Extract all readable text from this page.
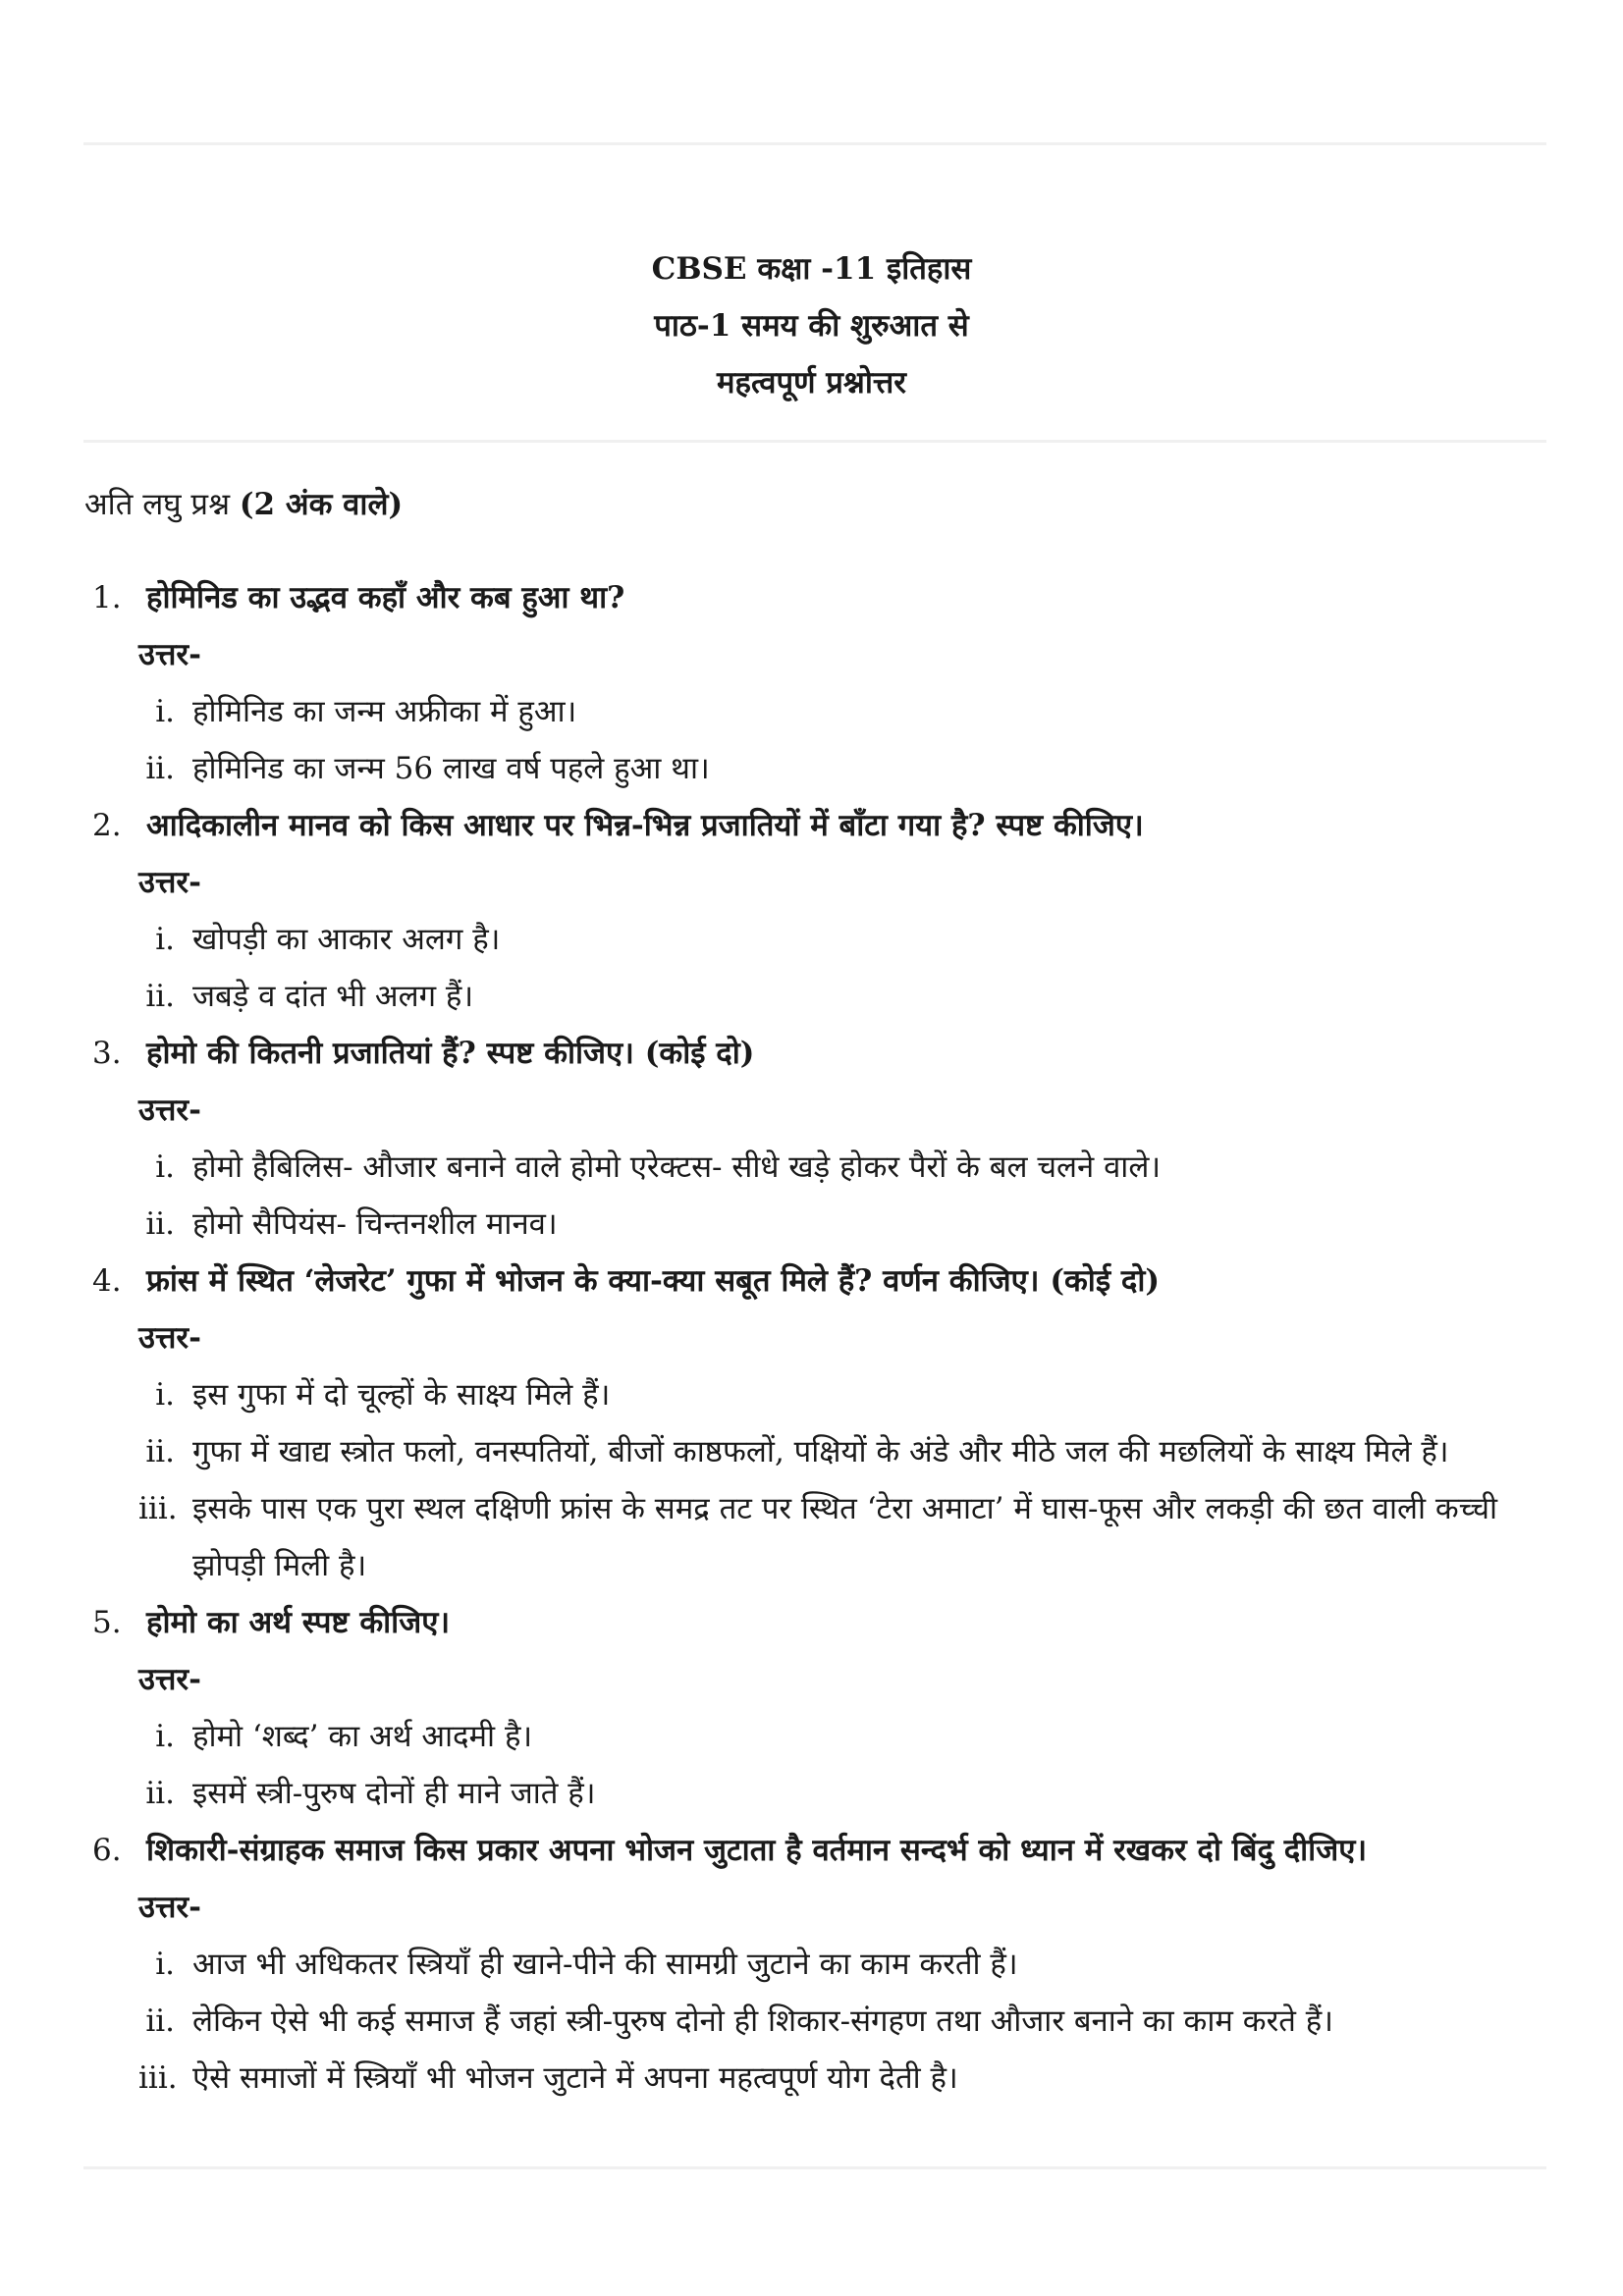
CBSE कक्षा -11 इतिहास
पाठ-1 समय की शुरुआत से
महत्वपूर्ण प्रश्नोत्तर
अति लघु प्रश्न (2 अंक वाले)
1. होमिनिड का उद्भव कहाँ और कब हुआ था?
उत्तर-
i. होमिनिड का जन्म अफ्रीका में हुआ।
ii. होमिनिड का जन्म 56 लाख वर्ष पहले हुआ था।
2. आदिकालीन मानव को किस आधार पर भिन्न-भिन्न प्रजातियों में बाँटा गया है? स्पष्ट कीजिए।
उत्तर-
i. खोपड़ी का आकार अलग है।
ii. जबड़े व दांत भी अलग हैं।
3. होमो की कितनी प्रजातियां हैं? स्पष्ट कीजिए। (कोई दो)
उत्तर-
i. होमो हैबिलिस- औजार बनाने वाले होमो एरेक्टस- सीधे खड़े होकर पैरों के बल चलने वाले।
ii. होमो सैपियंस- चिन्तनशील मानव।
4. फ्रांस में स्थित ‘लेजरेट’ गुफा में भोजन के क्या-क्या सबूत मिले हैं? वर्णन कीजिए। (कोई दो)
उत्तर-
i. इस गुफा में दो चूल्हों के साक्ष्य मिले हैं।
ii. गुफा में खाद्य स्त्रोत फलो, वनस्पतियों, बीजों काष्ठफलों, पक्षियों के अंडे और मीठे जल की मछलियों के साक्ष्य मिले हैं।
iii. इसके पास एक पुरा स्थल दक्षिणी फ्रांस के समद्र तट पर स्थित ‘टेरा अमाटा’ में घास-फूस और लकड़ी की छत वाली कच्ची झोपड़ी मिली है।
5. होमो का अर्थ स्पष्ट कीजिए।
उत्तर-
i. होमो ‘शब्द’ का अर्थ आदमी है।
ii. इसमें स्त्री-पुरुष दोनों ही माने जाते हैं।
6. शिकारी-संग्राहक समाज किस प्रकार अपना भोजन जुटाता है वर्तमान सन्दर्भ को ध्यान में रखकर दो बिंदु दीजिए।
उत्तर-
i. आज भी अधिकतर स्त्रियाँ ही खाने-पीने की सामग्री जुटाने का काम करती हैं।
ii. लेकिन ऐसे भी कई समाज हैं जहां स्त्री-पुरुष दोनो ही शिकार-संगहण तथा औजार बनाने का काम करते हैं।
iii. ऐसे समाजों में स्त्रियाँ भी भोजन जुटाने में अपना महत्वपूर्ण योग देती है।
